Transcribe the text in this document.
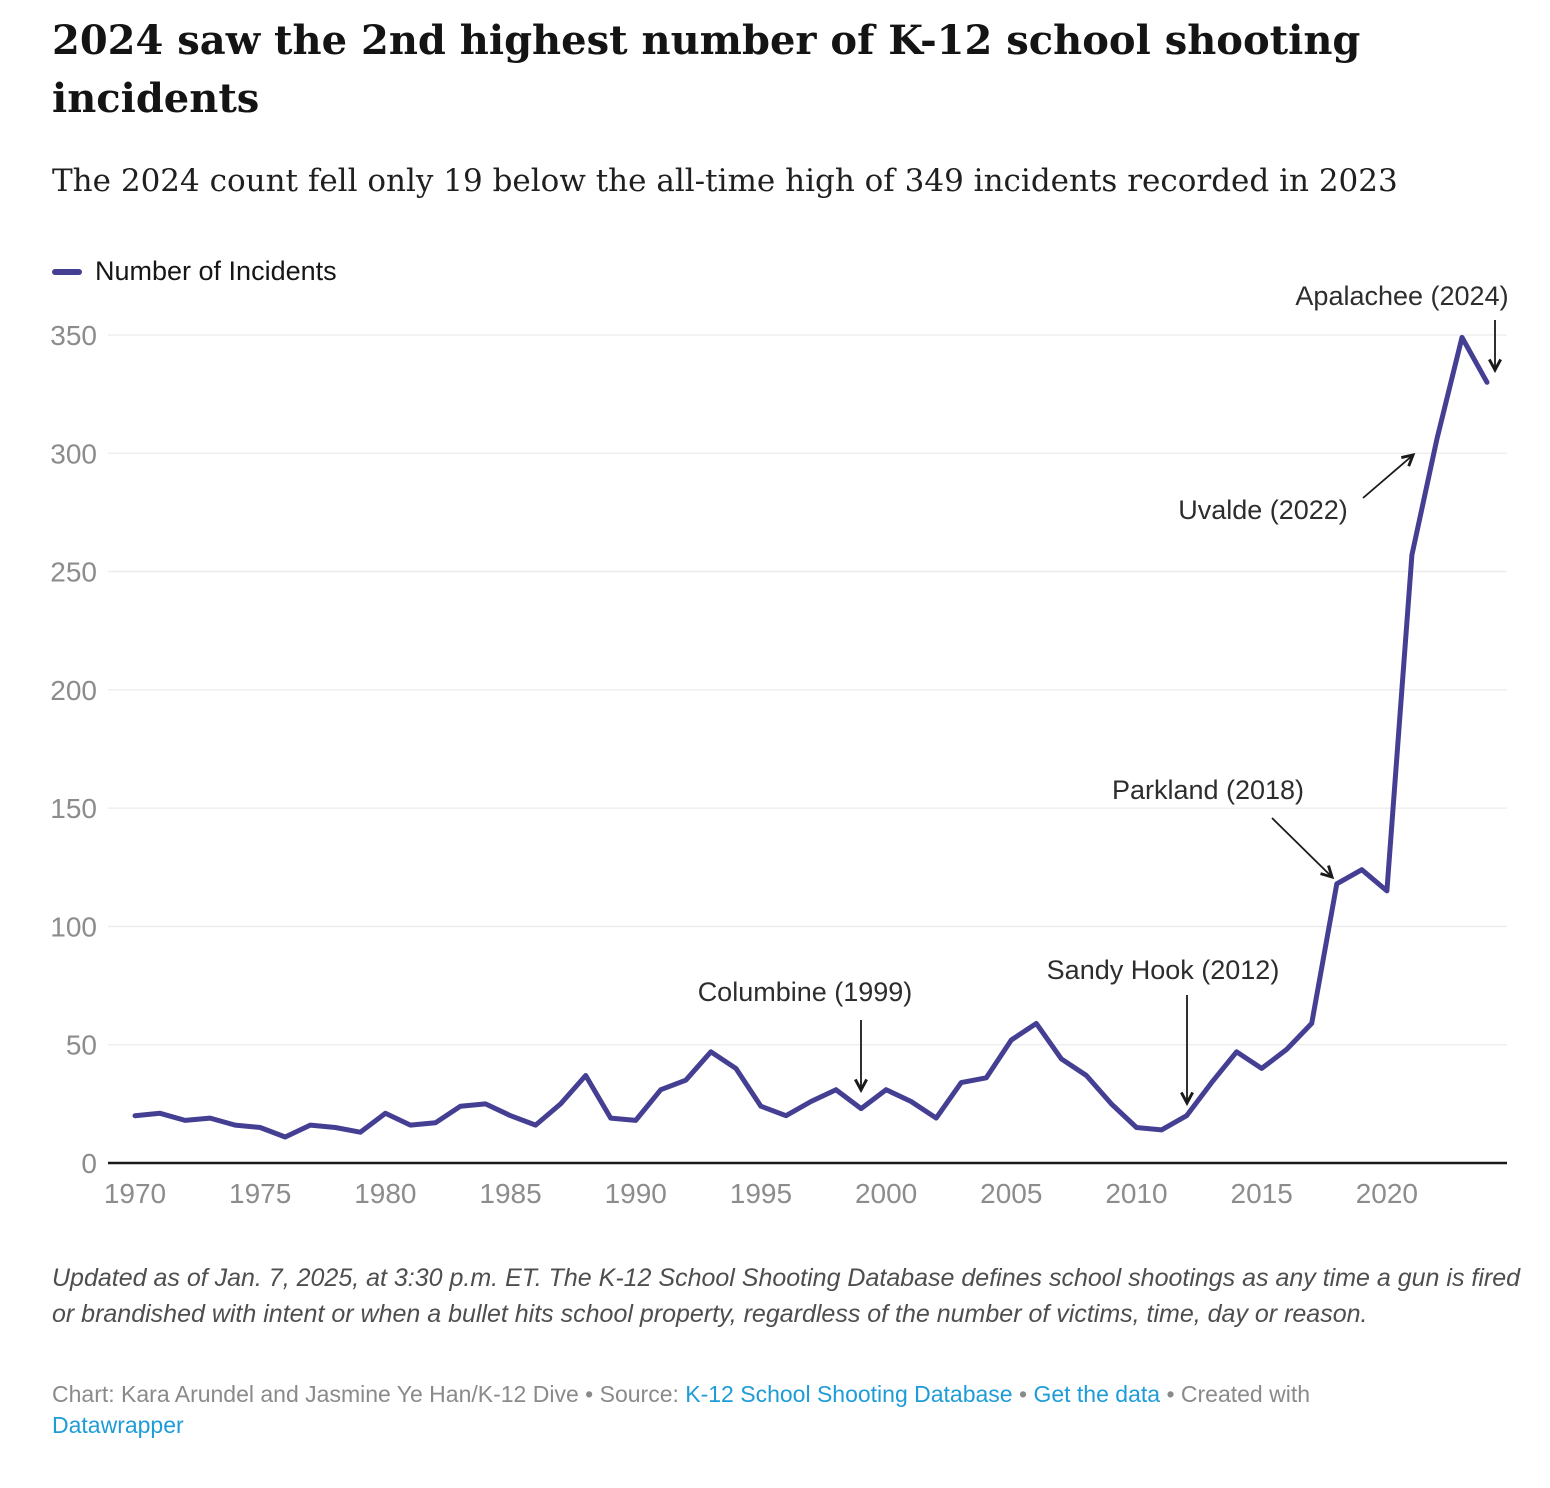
2024 saw the 2nd highest number of K-12 school shooting incidents

The 2024 count fell only 19 below the all-time high of 349 incidents recorded in 2023

Number of Incidents
0
50
100
150
200
250
300
350
1970 1975 1980 1985 1990 1995 2000 2005 2010 2015 2020
Columbine (1999)
Sandy Hook (2012)
Parkland (2018)
Uvalde (2022)
Apalachee (2024)

Updated as of Jan. 7, 2025, at 3:30 p.m. ET. The K-12 School Shooting Database defines school shootings as any time a gun is fired or brandished with intent or when a bullet hits school property, regardless of the number of victims, time, day or reason.

Chart: Kara Arundel and Jasmine Ye Han/K-12 Dive • Source: K-12 School Shooting Database • Get the data • Created with

Datawrapper
